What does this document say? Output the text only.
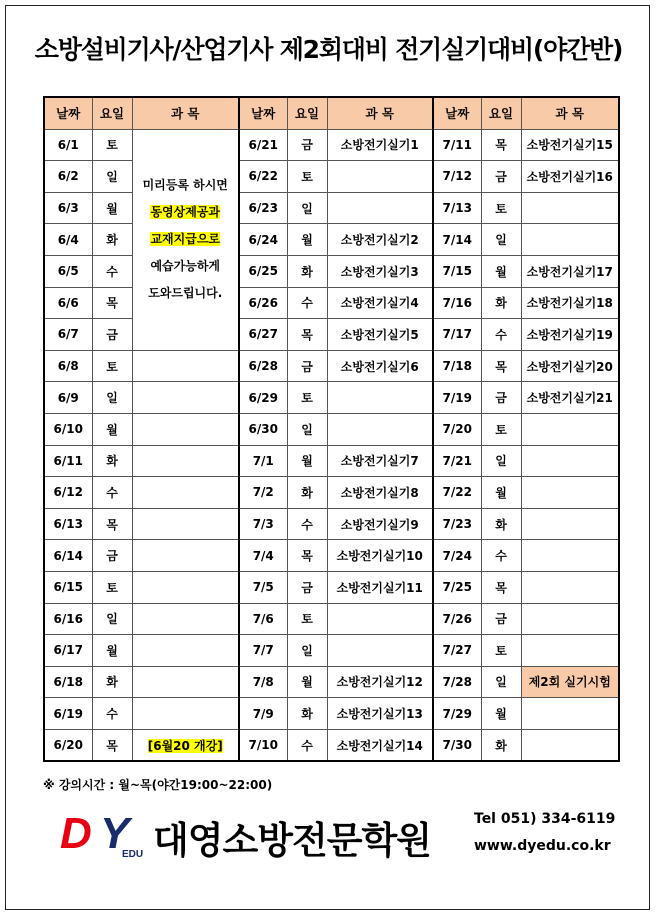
소방설비기사/산업기사 제2회대비 전기실기대비(야간반)
날짜	요일	과 목	날짜	요일	과 목	날짜	요일	과 목
6/1	토	미리등록 하시면
동영상제공과
교재지급으로
예습가능하게
도와드립니다.	6/21	금	소방전기실기1	7/11	목	소방전기실기15
6/2	일		6/22	토		7/12	금	소방전기실기16
6/3	월		6/23	일		7/13	토	
6/4	화		6/24	월	소방전기실기2	7/14	일	
6/5	수		6/25	화	소방전기실기3	7/15	월	소방전기실기17
6/6	목		6/26	수	소방전기실기4	7/16	화	소방전기실기18
6/7	금		6/27	목	소방전기실기5	7/17	수	소방전기실기19
6/8	토		6/28	금	소방전기실기6	7/18	목	소방전기실기20
6/9	일		6/29	토		7/19	금	소방전기실기21
6/10	월		6/30	일		7/20	토	
6/11	화		7/1	월	소방전기실기7	7/21	일	
6/12	수		7/2	화	소방전기실기8	7/22	월	
6/13	목		7/3	수	소방전기실기9	7/23	화	
6/14	금		7/4	목	소방전기실기10	7/24	수	
6/15	토		7/5	금	소방전기실기11	7/25	목	
6/16	일		7/6	토		7/26	금	
6/17	월		7/7	일		7/27	토	
6/18	화		7/8	월	소방전기실기12	7/28	일	제2회 실기시험
6/19	수		7/9	화	소방전기실기13	7/29	월	
6/20	목	[6월20 개강]	7/10	수	소방전기실기14	7/30	화	
※ 강의시간 : 월~목(야간19:00~22:00)
D Y
EDU 대영소방전문학원	Tel 051) 334-6119
www.dyedu.co.kr
